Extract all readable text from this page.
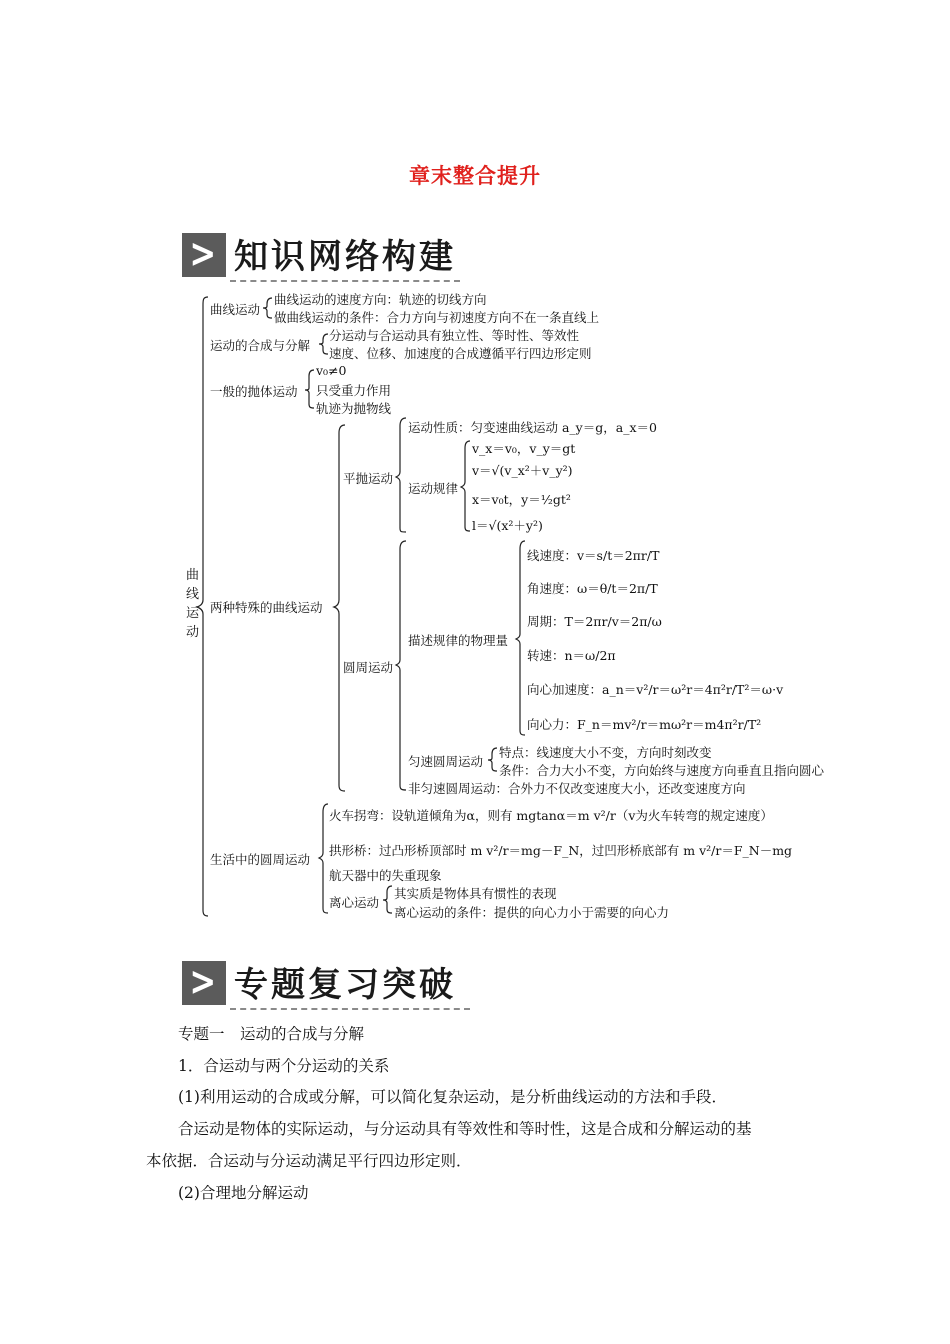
章末整合提升
> 知识网络构建
曲线运动
曲线运动
曲线运动的速度方向：轨迹的切线方向
做曲线运动的条件：合力方向与初速度方向不在一条直线上
运动的合成与分解
分运动与合运动具有独立性、等时性、等效性
速度、位移、加速度的合成遵循平行四边形定则
一般的抛体运动
v₀≠0
只受重力作用
轨迹为抛物线
两种特殊的曲线运动
平抛运动
运动性质：匀变速曲线运动 a_y＝g，a_x＝0
运动规律
v_x＝v₀，v_y＝gt
v＝√(v_x²＋v_y²)
x＝v₀t，y＝½gt²
l＝√(x²＋y²)
圆周运动
描述规律的物理量
线速度：v＝s/t＝2πr/T
角速度：ω＝θ/t＝2π/T
周期：T＝2πr/v＝2π/ω
转速：n＝ω/2π
向心加速度：a_n＝v²/r＝ω²r＝4π²r/T²＝ω·v
向心力：F_n＝mv²/r＝mω²r＝m4π²r/T²
匀速圆周运动
特点：线速度大小不变，方向时刻改变
条件：合力大小不变，方向始终与速度方向垂直且指向圆心
非匀速圆周运动：合外力不仅改变速度大小，还改变速度方向
生活中的圆周运动
火车拐弯：设轨道倾角为α，则有 mgtanα＝m v²/r（v为火车转弯的规定速度）
拱形桥：过凸形桥顶部时 m v²/r＝mg－F_N，过凹形桥底部有 m v²/r＝F_N－mg
航天器中的失重现象
离心运动
其实质是物体具有惯性的表现
离心运动的条件：提供的向心力小于需要的向心力
> 专题复习突破
专题一　运动的合成与分解
1．合运动与两个分运动的关系
(1)利用运动的合成或分解，可以简化复杂运动，是分析曲线运动的方法和手段．
合运动是物体的实际运动，与分运动具有等效性和等时性，这是合成和分解运动的基
本依据．合运动与分运动满足平行四边形定则．
(2)合理地分解运动
